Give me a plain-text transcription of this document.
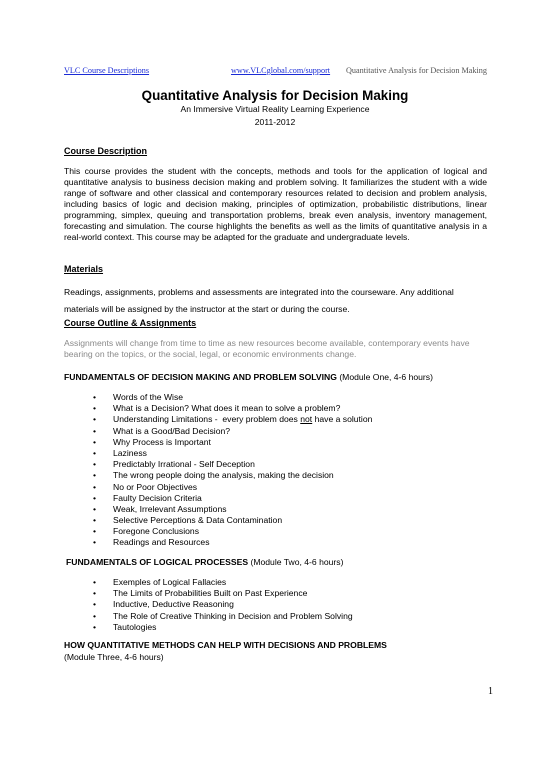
VLC Course Descriptions	www.VLCglobal.com/support Quantitative Analysis for Decision Making
Quantitative Analysis for Decision Making
An Immersive Virtual Reality Learning Experience
2011-2012
Course Description

This course provides the student with the concepts, methods and tools for the application of logical and quantitative analysis to business decision making and problem solving. It familiarizes the student with a wide range of software and other classical and contemporary resources related to decision and problem analysis, including basics of logic and decision making, principles of optimization, probabilistic distributions, linear programming, simplex, queuing and transportation problems, break even analysis, inventory management, forecasting and simulation. The course highlights the benefits as well as the limits of quantitative analysis in a real-world context. This course may be adapted for the graduate and undergraduate levels.

Materials

Readings, assignments, problems and assessments are integrated into the courseware. Any additional materials will be assigned by the instructor at the start or during the course.

Course Outline & Assignments

Assignments will change from time to time as new resources become available, contemporary events have bearing on the topics, or the social, legal, or economic environments change.

FUNDAMENTALS OF DECISION MAKING AND PROBLEM SOLVING (Module One, 4-6 hours)
• Words of the Wise
• What is a Decision? What does it mean to solve a problem?
• Understanding Limitations -  every problem does not have a solution
• What is a Good/Bad Decision?
• Why Process is Important
• Laziness
• Predictably Irrational - Self Deception
• The wrong people doing the analysis, making the decision
• No or Poor Objectives
• Faulty Decision Criteria
• Weak, Irrelevant Assumptions
• Selective Perceptions & Data Contamination
• Foregone Conclusions
• Readings and Resources
FUNDAMENTALS OF LOGICAL PROCESSES (Module Two, 4-6 hours)
• Exemples of Logical Fallacies
• The Limits of Probabilities Built on Past Experience
• Inductive, Deductive Reasoning
• The Role of Creative Thinking in Decision and Problem Solving
• Tautologies
HOW QUANTITATIVE METHODS CAN HELP WITH DECISIONS AND PROBLEMS
(Module Three, 4-6 hours)
1
